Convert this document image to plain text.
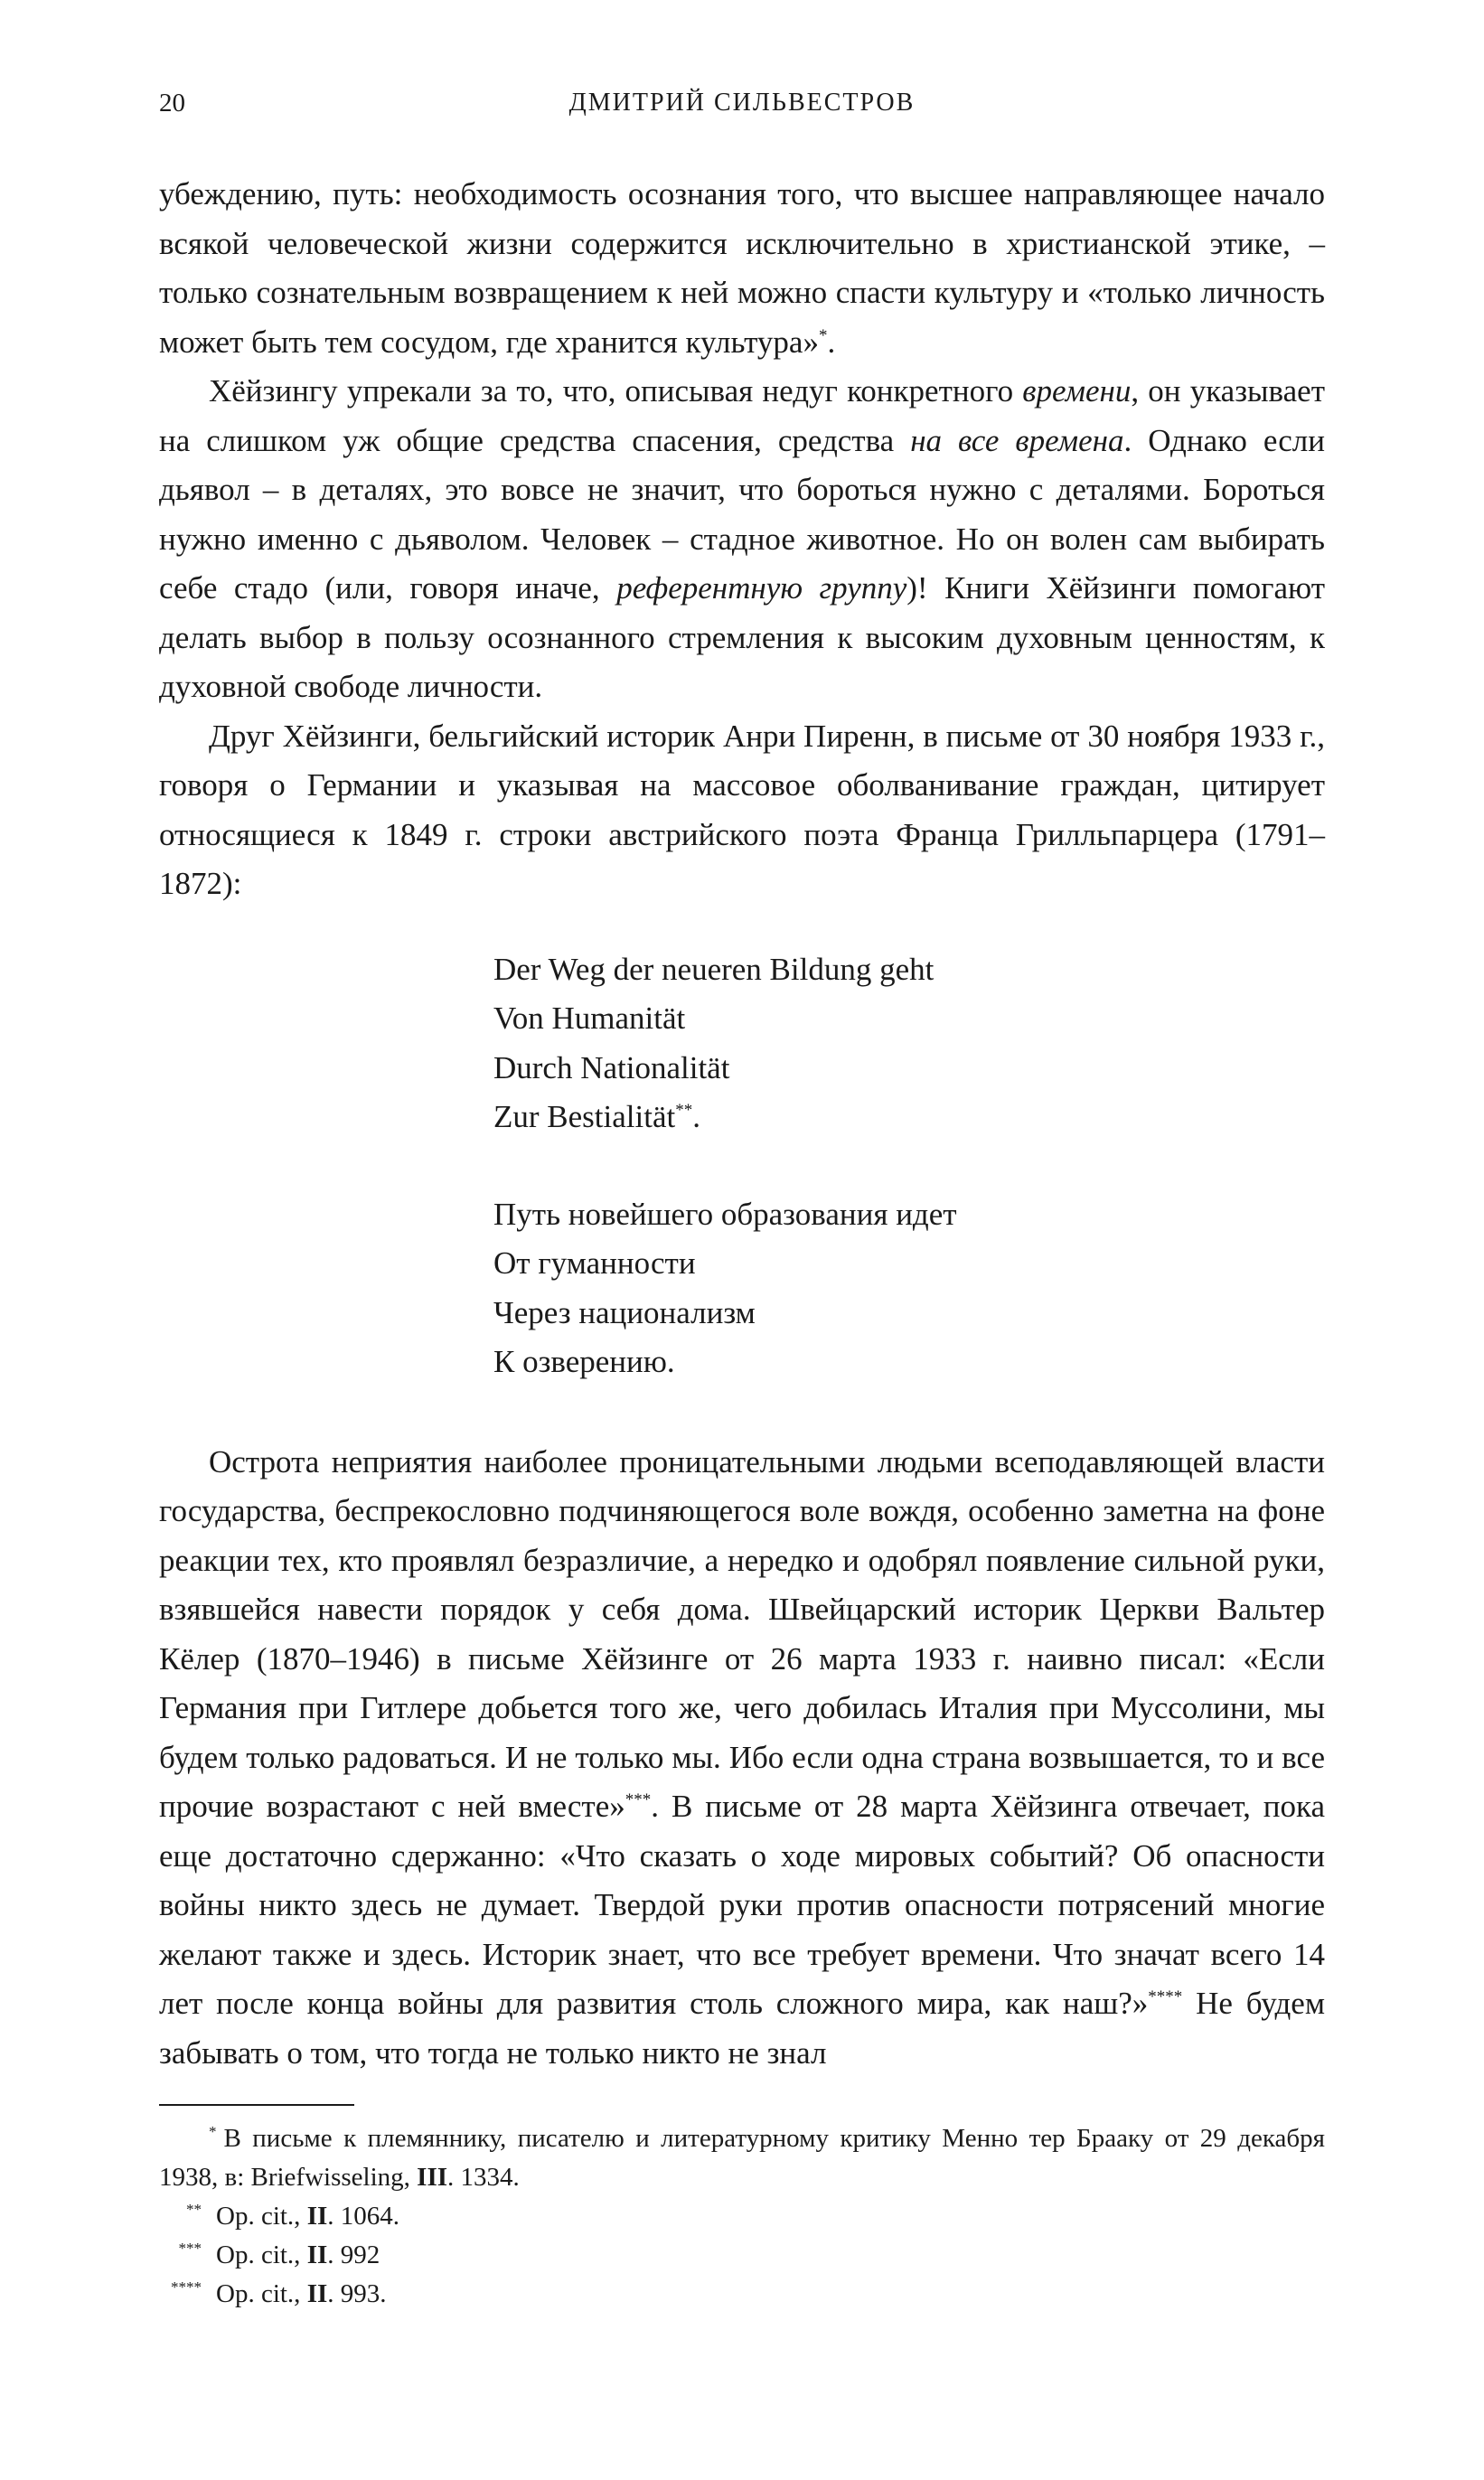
20	ДМИТРИЙ СИЛЬВЕСТРОВ

убеждению, путь: необходимость осознания того, что высшее направляющее начало всякой человеческой жизни содержится исключительно в христианской этике, – только сознательным возвращением к ней можно спасти культуру и «только личность может быть тем сосудом, где хранится культура»*.

Хёйзингу упрекали за то, что, описывая недуг конкретного времени, он указывает на слишком уж общие средства спасения, средства на все времена. Однако если дьявол – в деталях, это вовсе не значит, что бороться нужно с деталями. Бороться нужно именно с дьяволом. Человек – стадное животное. Но он волен сам выбирать себе стадо (или, говоря иначе, референтную группу)! Книги Хёйзинги помогают делать выбор в пользу осознанного стремления к высоким духовным ценностям, к духовной свободе личности.

Друг Хёйзинги, бельгийский историк Анри Пиренн, в письме от 30 ноября 1933 г., говоря о Германии и указывая на массовое оболванивание граждан, цитирует относящиеся к 1849 г. строки австрийского поэта Франца Грилльпарцера (1791–1872):

Der Weg der neueren Bildung geht
Von Humanität
Durch Nationalität
Zur Bestialität**.
Путь новейшего образования идет
От гуманности
Через национализм
К озверению.

Острота неприятия наиболее проницательными людьми всеподавляющей власти государства, беспрекословно подчиняющегося воле вождя, особенно заметна на фоне реакции тех, кто проявлял безразличие, а нередко и одобрял появление сильной руки, взявшейся навести порядок у себя дома. Швейцарский историк Церкви Вальтер Кёлер (1870–1946) в письме Хёйзинге от 26 марта 1933 г. наивно писал: «Если Германия при Гитлере добьется того же, чего добилась Италия при Муссолини, мы будем только радоваться. И не только мы. Ибо если одна страна возвышается, то и все прочие возрастают с ней вместе»***. В письме от 28 марта Хёйзинга отвечает, пока еще достаточно сдержанно: «Что сказать о ходе мировых событий? Об опасности войны никто здесь не думает. Твердой руки против опасности потрясений многие желают также и здесь. Историк знает, что все требует времени. Что значат всего 14 лет после конца войны для развития столь сложного мира, как наш?»**** Не будем забывать о том, что тогда не только никто не знал

* В письме к племяннику, писателю и литературному критику Менно тер Брааку от 29 декабря 1938, в: Briefwisseling, III. 1334.

** Op. cit., II. 1064.

*** Op. cit., II. 992

**** Op. cit., II. 993.
